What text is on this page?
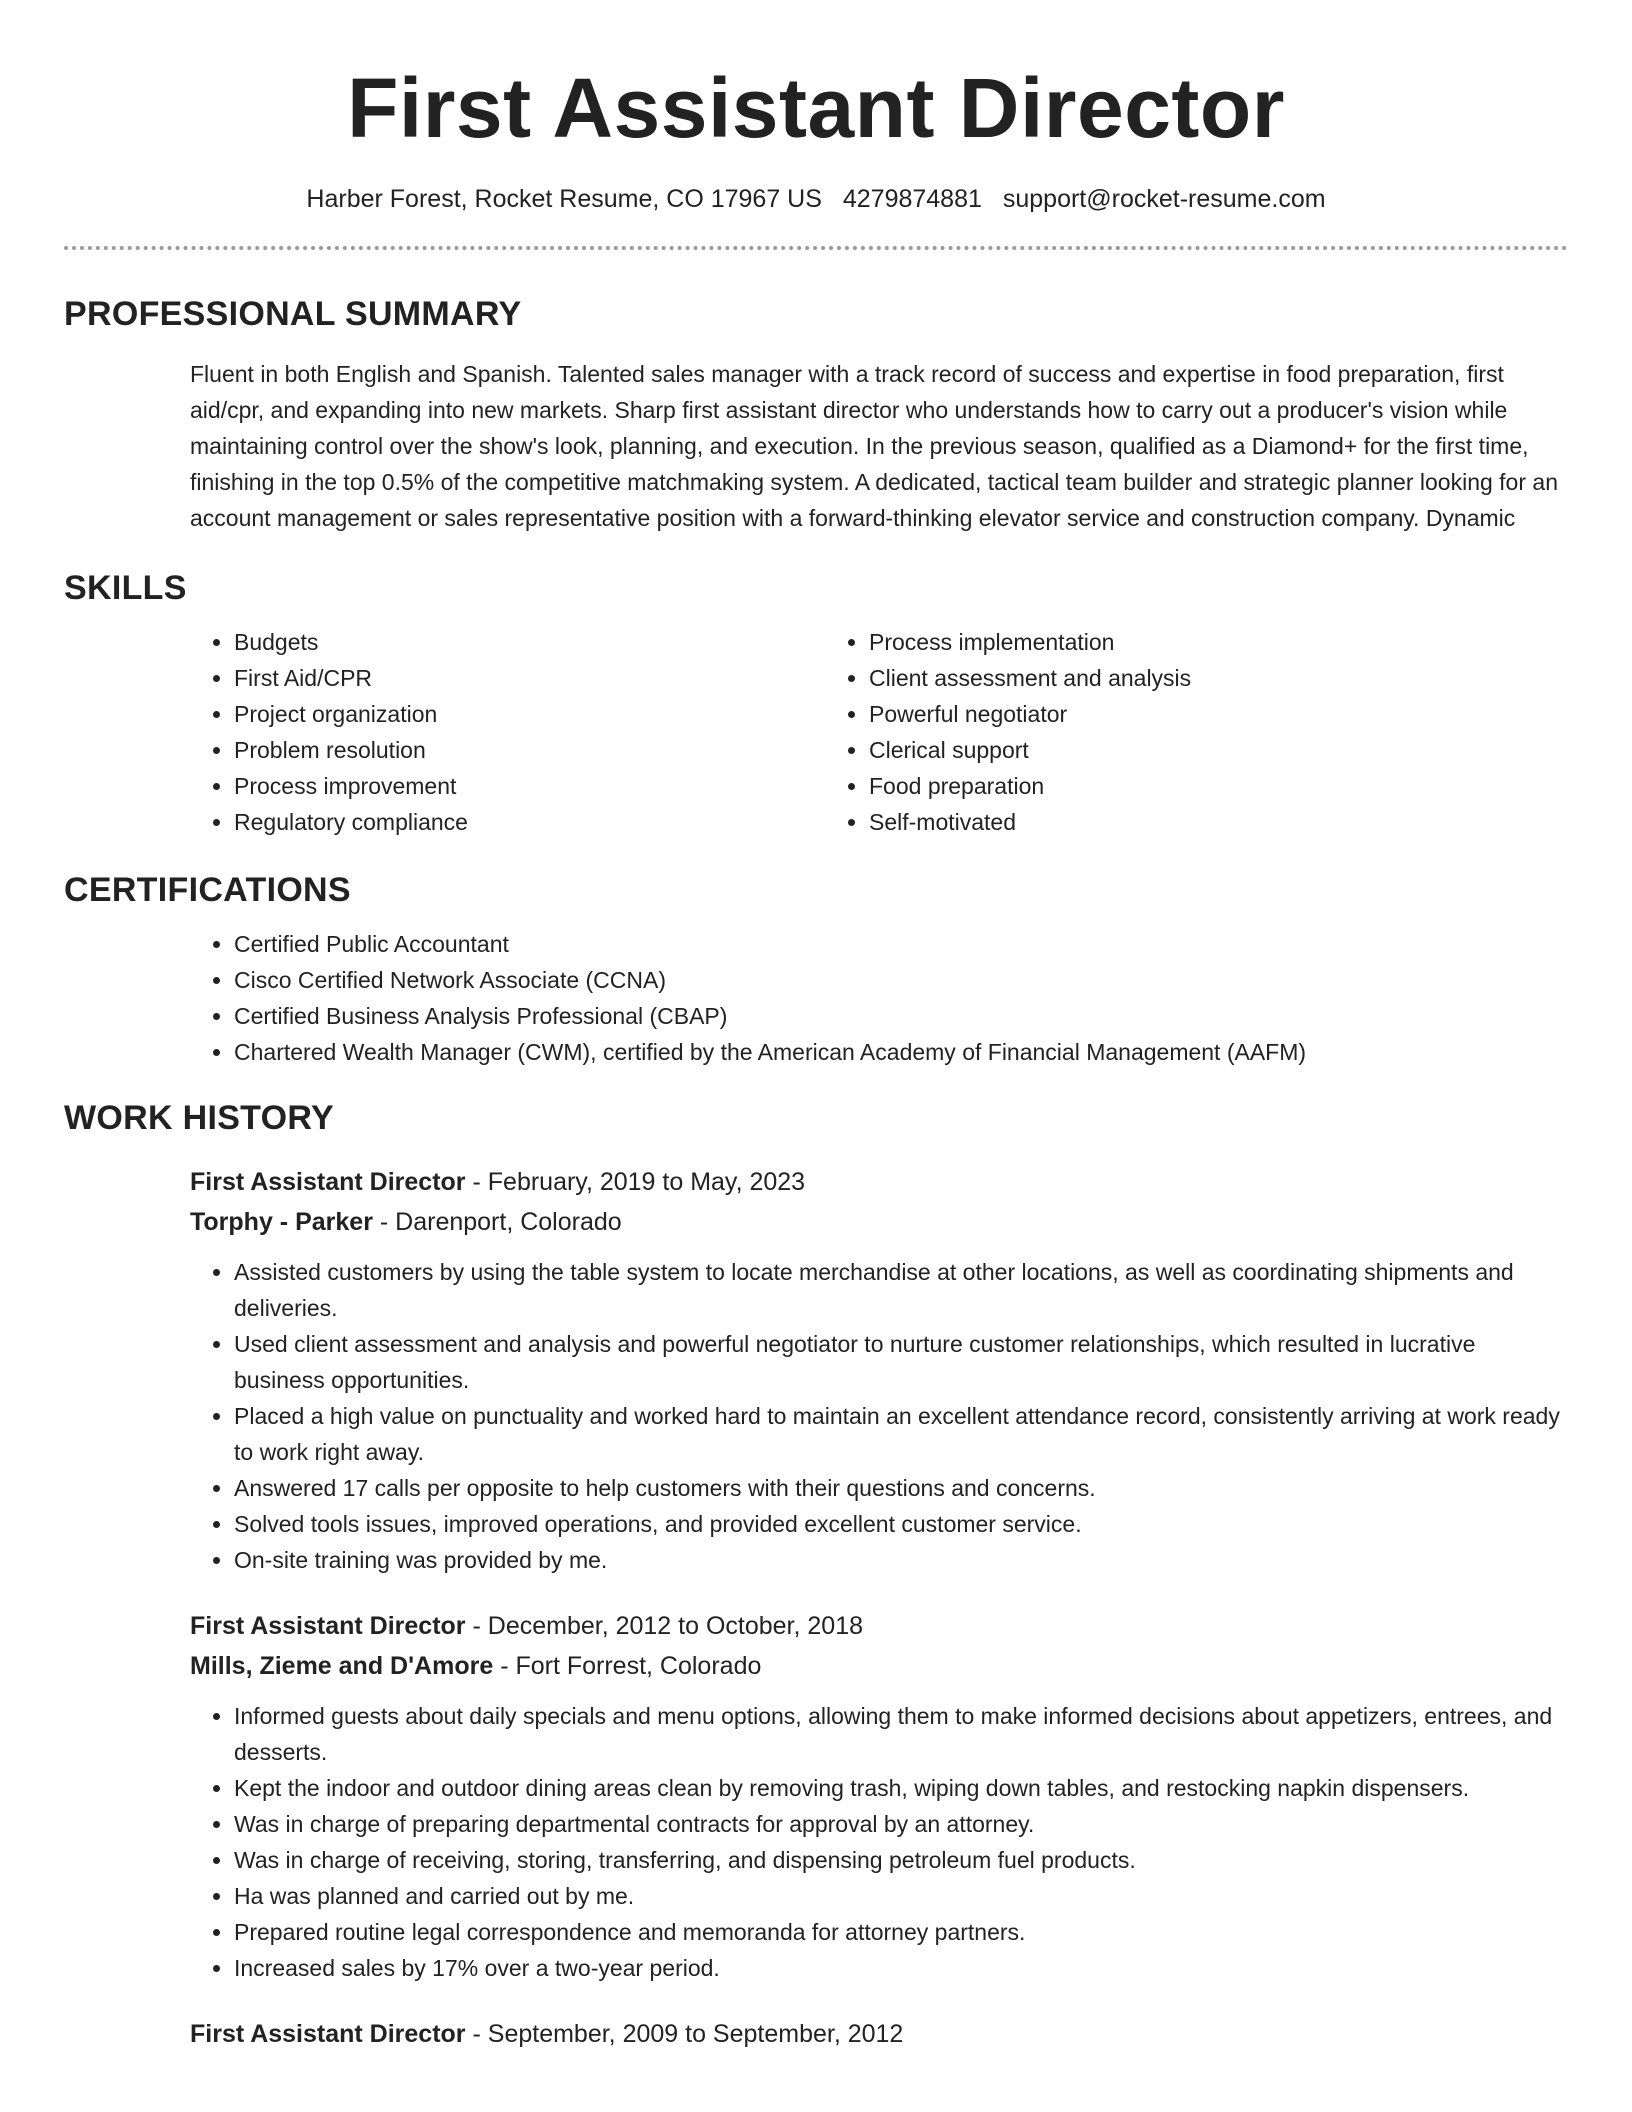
First Assistant Director
Harber Forest, Rocket Resume, CO 17967 US 4279874881 support@rocket-resume.com
PROFESSIONAL SUMMARY
Fluent in both English and Spanish. Talented sales manager with a track record of success and expertise in food preparation, first aid/cpr, and expanding into new markets. Sharp first assistant director who understands how to carry out a producer's vision while maintaining control over the show's look, planning, and execution. In the previous season, qualified as a Diamond+ for the first time, finishing in the top 0.5% of the competitive matchmaking system. A dedicated, tactical team builder and strategic planner looking for an account management or sales representative position with a forward-thinking elevator service and construction company. Dynamic
SKILLS
• Budgets
• First Aid/CPR
• Project organization
• Problem resolution
• Process improvement
• Regulatory compliance
• Process implementation
• Client assessment and analysis
• Powerful negotiator
• Clerical support
• Food preparation
• Self-motivated
CERTIFICATIONS
• Certified Public Accountant
• Cisco Certified Network Associate (CCNA)
• Certified Business Analysis Professional (CBAP)
• Chartered Wealth Manager (CWM), certified by the American Academy of Financial Management (AAFM)
WORK HISTORY
First Assistant Director - February, 2019 to May, 2023
Torphy - Parker - Darenport, Colorado
• Assisted customers by using the table system to locate merchandise at other locations, as well as coordinating shipments and deliveries.
• Used client assessment and analysis and powerful negotiator to nurture customer relationships, which resulted in lucrative business opportunities.
• Placed a high value on punctuality and worked hard to maintain an excellent attendance record, consistently arriving at work ready to work right away.
• Answered 17 calls per opposite to help customers with their questions and concerns.
• Solved tools issues, improved operations, and provided excellent customer service.
• On-site training was provided by me.
First Assistant Director - December, 2012 to October, 2018
Mills, Zieme and D'Amore - Fort Forrest, Colorado
• Informed guests about daily specials and menu options, allowing them to make informed decisions about appetizers, entrees, and desserts.
• Kept the indoor and outdoor dining areas clean by removing trash, wiping down tables, and restocking napkin dispensers.
• Was in charge of preparing departmental contracts for approval by an attorney.
• Was in charge of receiving, storing, transferring, and dispensing petroleum fuel products.
• Ha was planned and carried out by me.
• Prepared routine legal correspondence and memoranda for attorney partners.
• Increased sales by 17% over a two-year period.
First Assistant Director - September, 2009 to September, 2012
